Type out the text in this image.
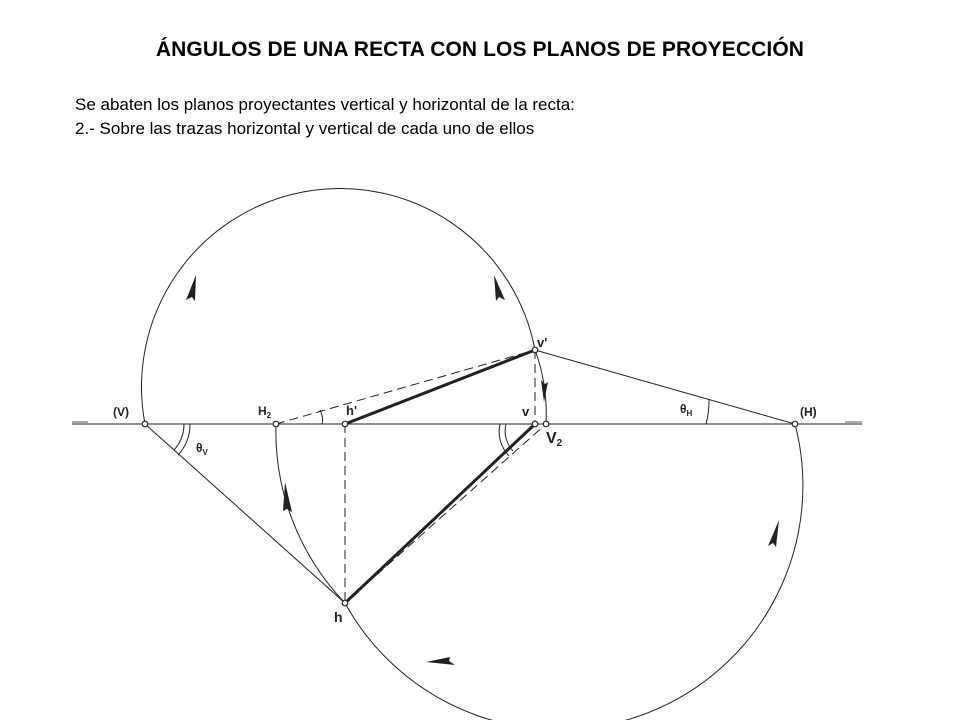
ÁNGULOS DE UNA RECTA CON LOS PLANOS DE PROYECCIÓN
Se abaten los planos proyectantes vertical y horizontal de la recta:
2.- Sobre las trazas horizontal y vertical de cada uno de ellos
(V)	$H_2$	h'	v
v'
V2
$\theta_H$	(H)
$\theta_V$
h
